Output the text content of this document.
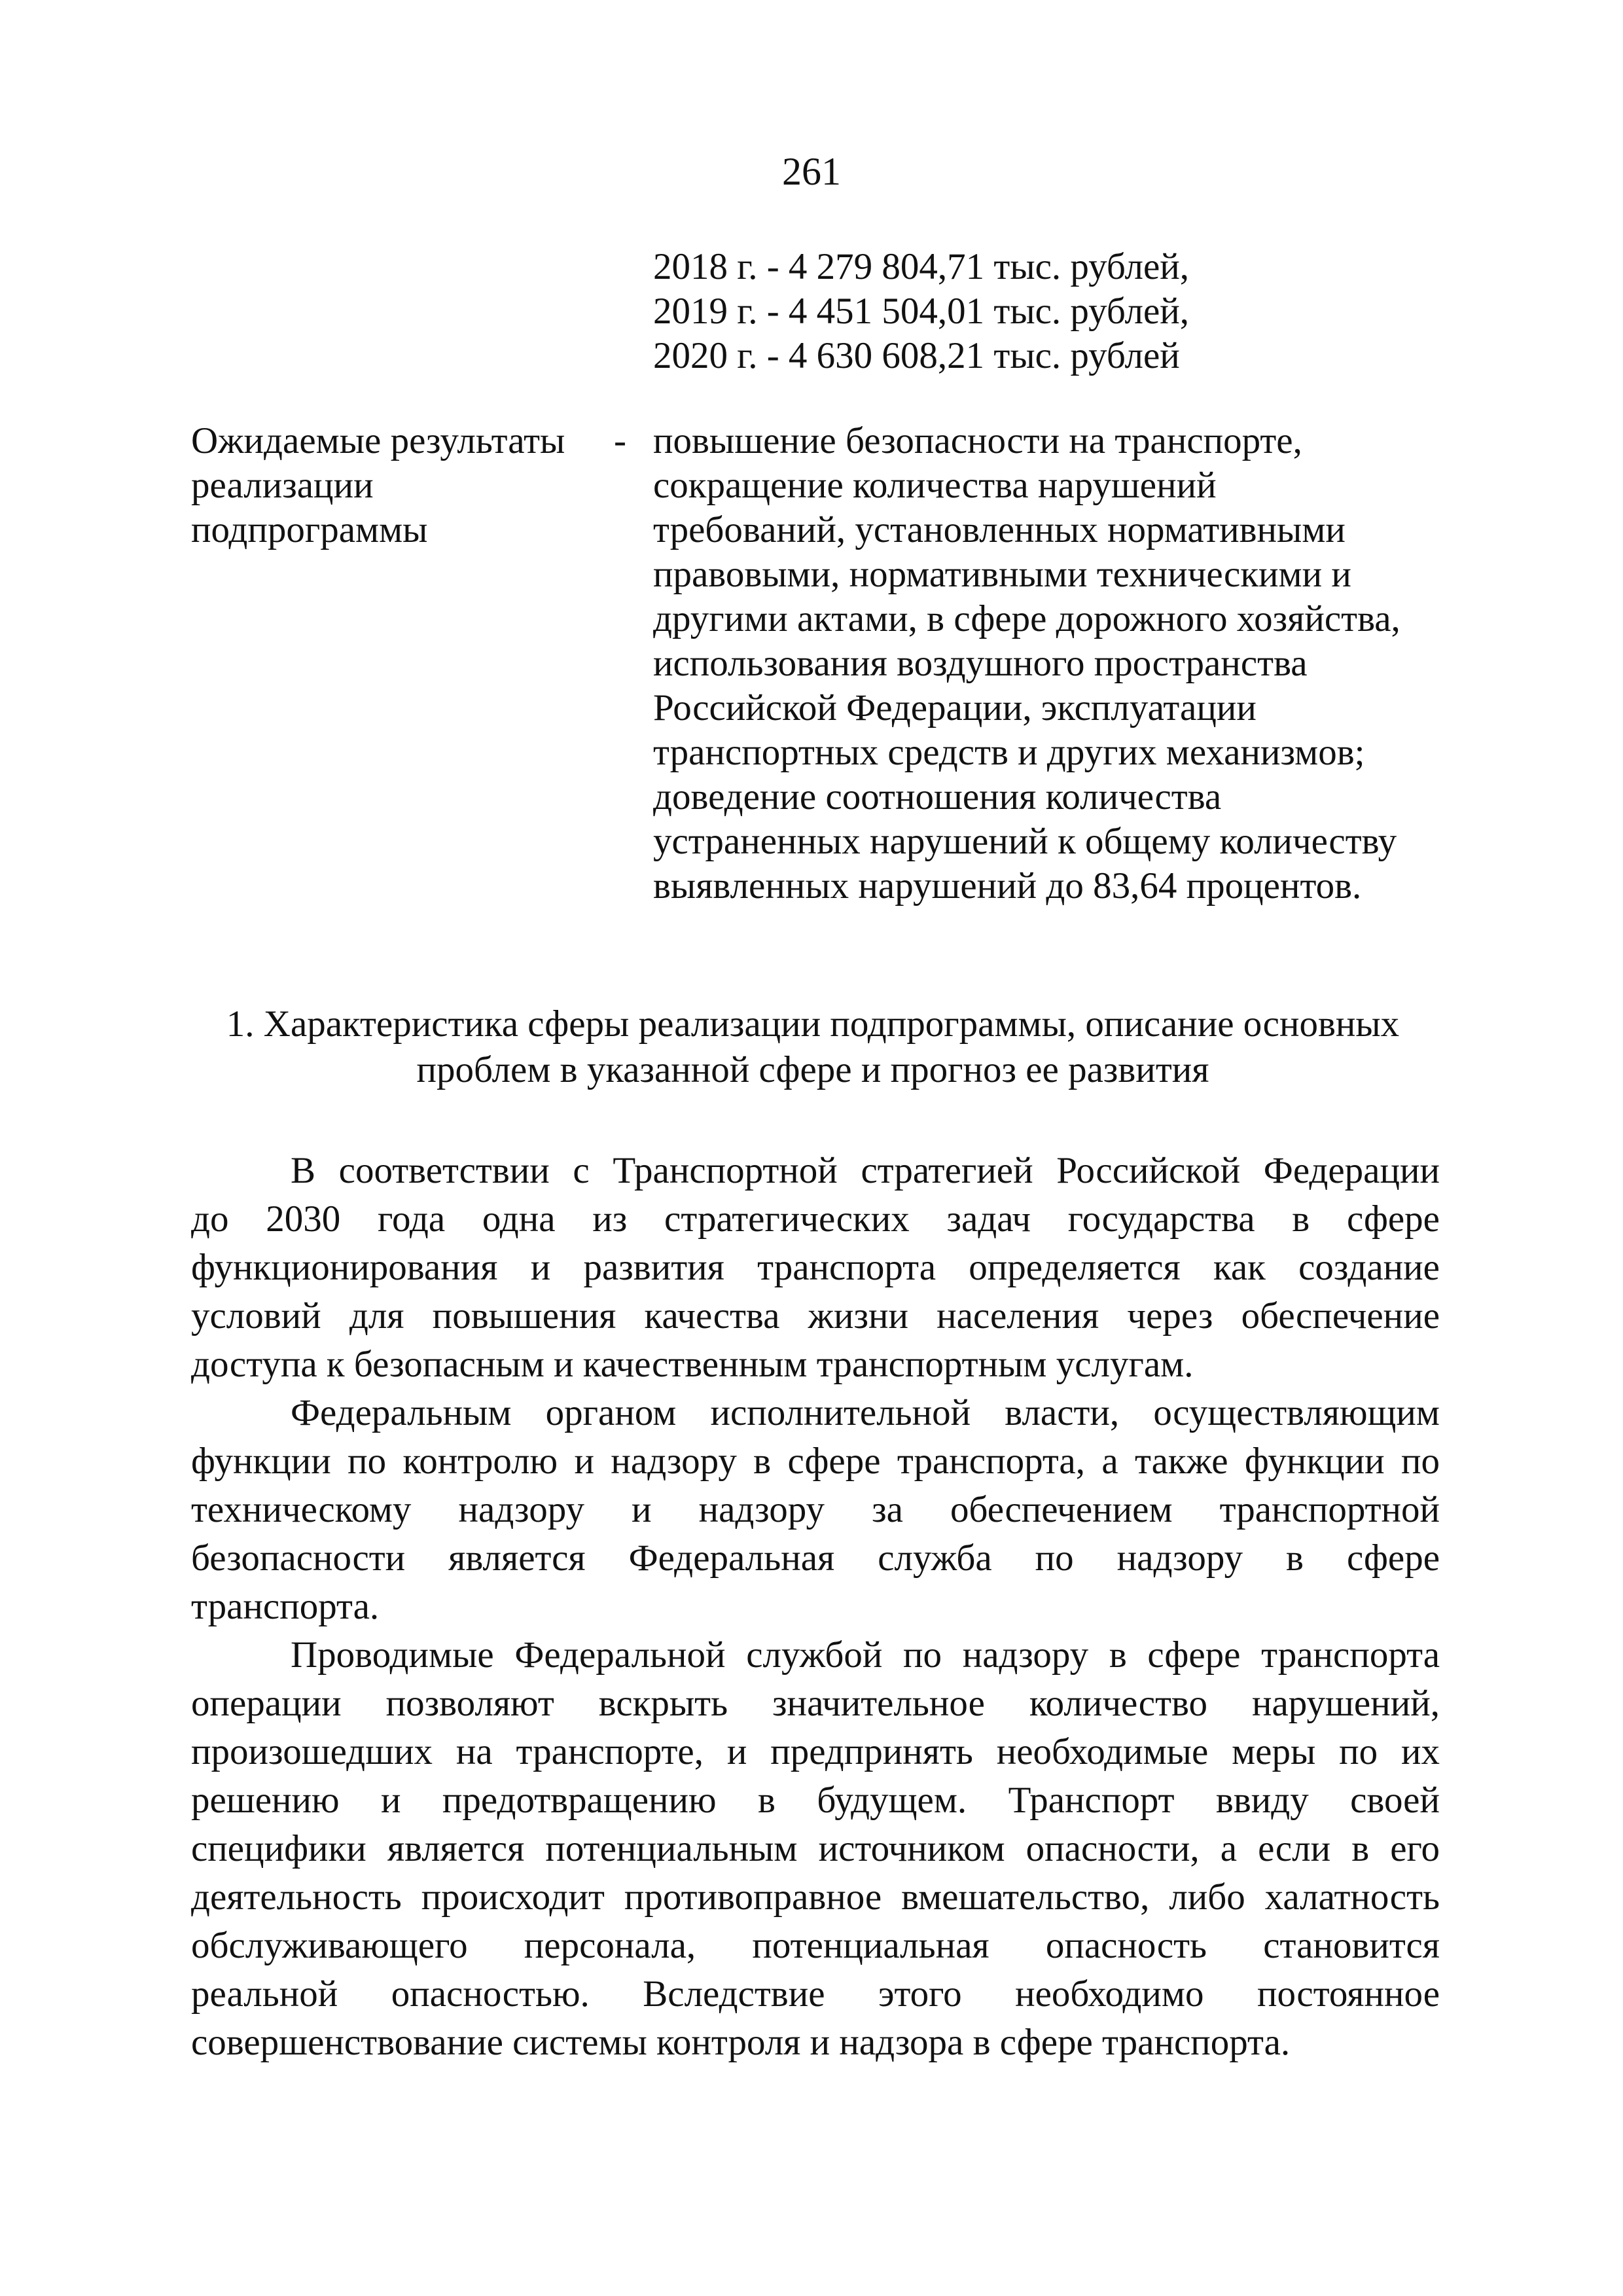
261
2018 г. - 4 279 804,71 тыс. рублей,
2019 г. - 4 451 504,01 тыс. рублей,
2020 г. - 4 630 608,21 тыс. рублей
Ожидаемые результаты
реализации
подпрограммы
- повышение безопасности на транспорте,
сокращение количества нарушений
требований, установленных нормативными
правовыми, нормативными техническими и
другими актами, в сфере дорожного хозяйства,
использования воздушного пространства
Российской Федерации, эксплуатации
транспортных средств и других механизмов;
доведение соотношения количества
устраненных нарушений к общему количеству
выявленных нарушений до 83,64 процентов.
1. Характеристика сферы реализации подпрограммы, описание основных
проблем в указанной сфере и прогноз ее развития
В соответствии с Транспортной стратегией Российской Федерации
до 2030 года одна из стратегических задач государства в сфере
функционирования и развития транспорта определяется как создание
условий для повышения качества жизни населения через обеспечение
доступа к безопасным и качественным транспортным услугам.
Федеральным органом исполнительной власти, осуществляющим
функции по контролю и надзору в сфере транспорта, а также функции по
техническому надзору и надзору за обеспечением транспортной
безопасности является Федеральная служба по надзору в сфере
транспорта.
Проводимые Федеральной службой по надзору в сфере транспорта
операции позволяют вскрыть значительное количество нарушений,
произошедших на транспорте, и предпринять необходимые меры по их
решению и предотвращению в будущем. Транспорт ввиду своей
специфики является потенциальным источником опасности, а если в его
деятельность происходит противоправное вмешательство, либо халатность
обслуживающего персонала, потенциальная опасность становится
реальной опасностью. Вследствие этого необходимо постоянное
совершенствование системы контроля и надзора в сфере транспорта.
